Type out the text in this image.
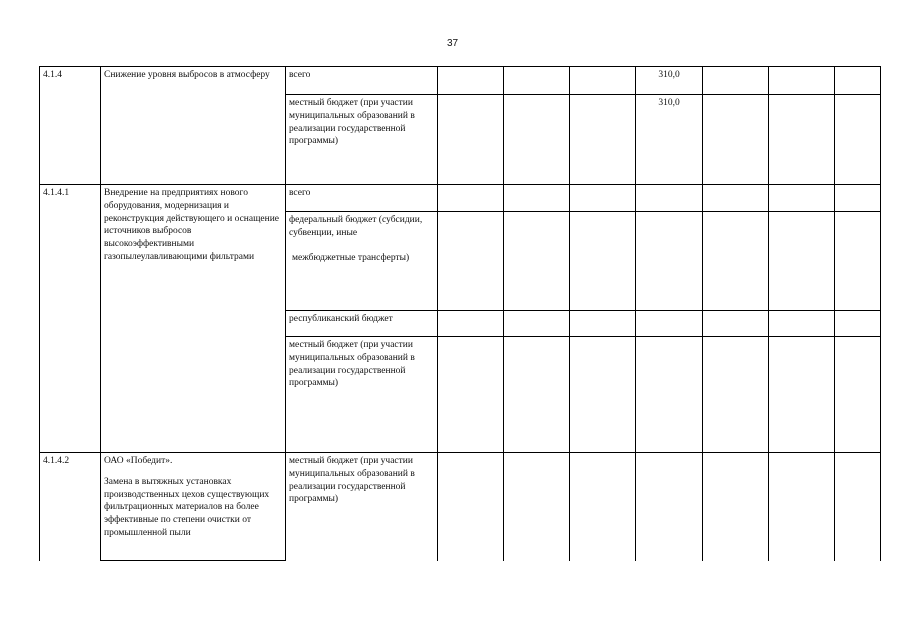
37
4.1.4	Снижение уровня выбросов в атмосферу	всего				310,0			
		местный бюджет (при участии муниципальных образований в реализации государственной программы)				310,0			
4.1.4.1	Внедрение на предприятиях нового оборудования, модернизация и реконструкция действующего и оснащение источников выбросов высокоэффективными газопылеулавливающими фильтрами	всего							

		федеральный бюджет (субсидии, субвенции, иные
межбюджетные трансферты)							

		республиканский бюджет							
		местный бюджет (при участии муниципальных образований в реализации государственной программы)							
4.1.4.2	ОАО «Победит».
Замена в вытяжных установках производственных цехов существующих фильтрационных материалов на более эффективные по степени очистки от промышленной пыли	местный бюджет (при участии муниципальных образований в реализации государственной программы)							
